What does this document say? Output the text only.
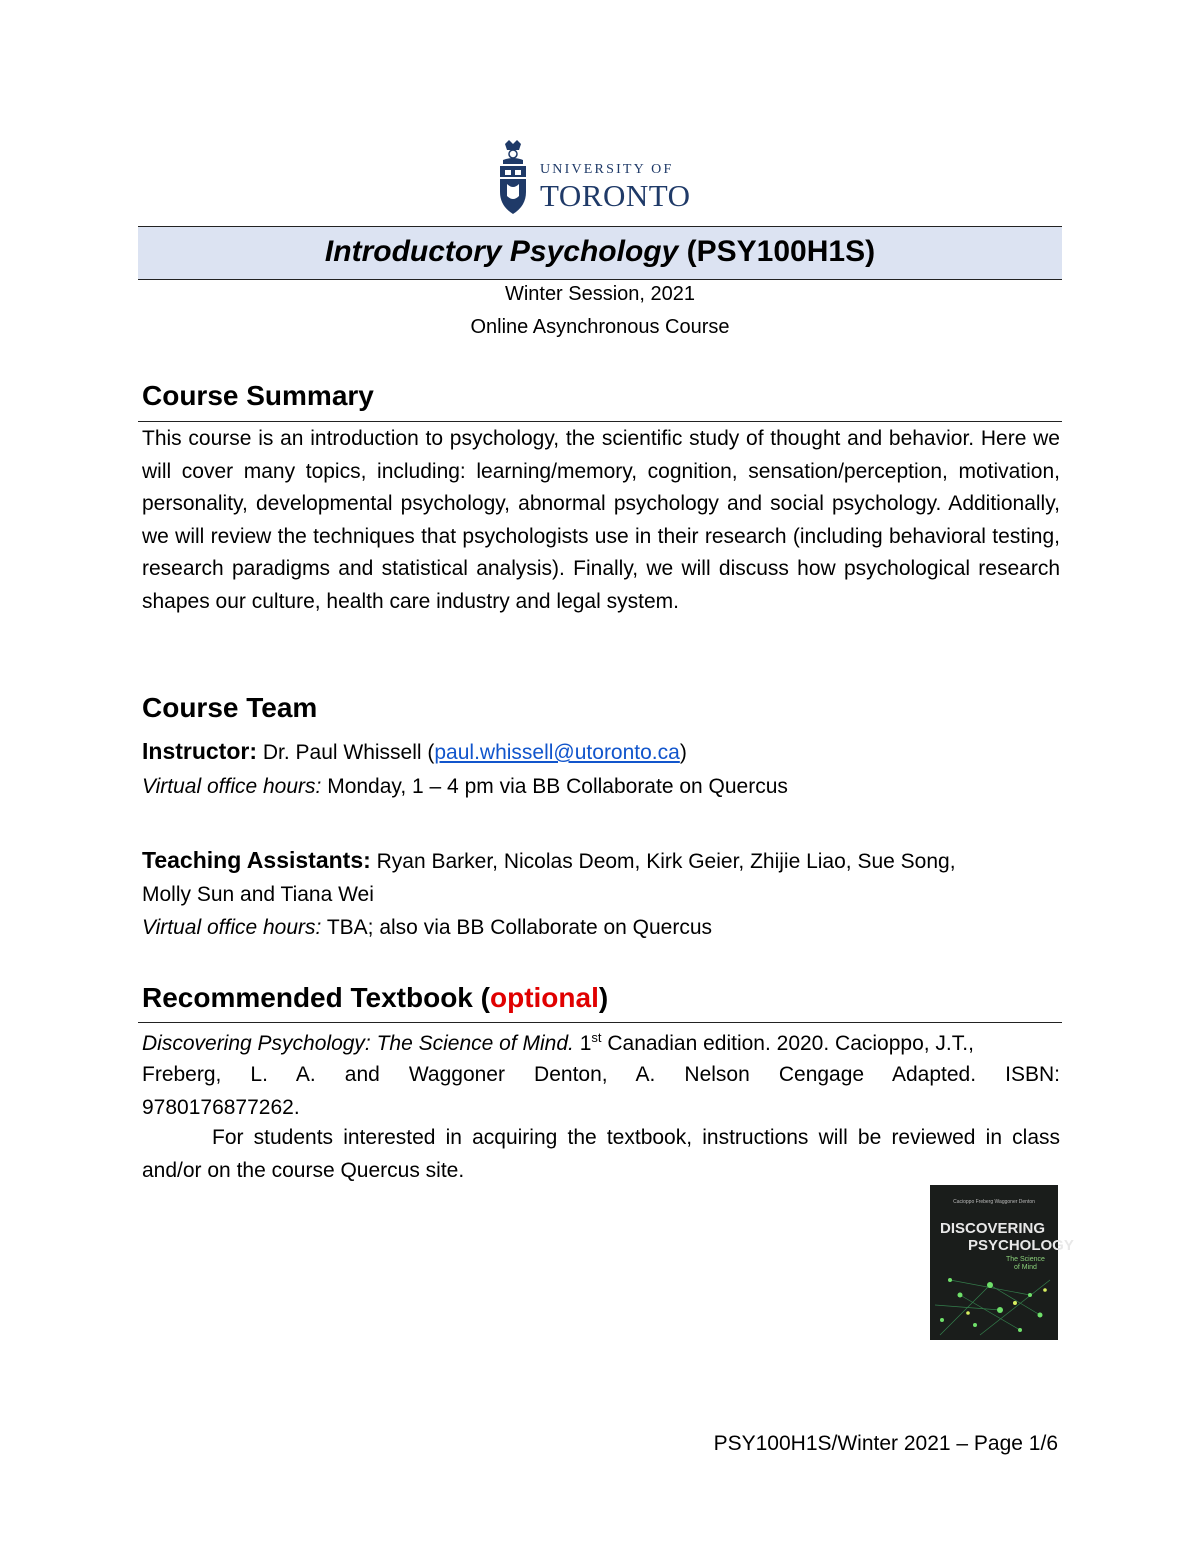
UNIVERSITY OF
TORONTO
Introductory Psychology (PSY100H1S)
Winter Session, 2021
Online Asynchronous Course
Course Summary
This course is an introduction to psychology, the scientific study of thought and behavior. Here we will cover many topics, including: learning/memory, cognition, sensation/perception, motivation, personality, developmental psychology, abnormal psychology and social psychology. Additionally, we will review the techniques that psychologists use in their research (including behavioral testing, research paradigms and statistical analysis). Finally, we will discuss how psychological research shapes our culture, health care industry and legal system.
Course Team
Instructor: Dr. Paul Whissell (paul.whissell@utoronto.ca)
Virtual office hours: Monday, 1 – 4 pm via BB Collaborate on Quercus
Teaching Assistants: Ryan Barker, Nicolas Deom, Kirk Geier, Zhijie Liao, Sue Song,
Molly Sun and Tiana Wei
Virtual office hours: TBA; also via BB Collaborate on Quercus
Recommended Textbook (optional)
Discovering Psychology: The Science of Mind. 1st Canadian edition. 2020. Cacioppo, J.T.,
Freberg, L. A. and Waggoner Denton, A. Nelson Cengage Adapted. ISBN:
9780176877262.
For students interested in acquiring the textbook, instructions will be reviewed in class and/or on the course Quercus site.
Cacioppo Freberg Waggoner Denton
DISCOVERING
PSYCHOLOGY
The Science
of Mind
PSY100H1S/Winter 2021 – Page 1/6
